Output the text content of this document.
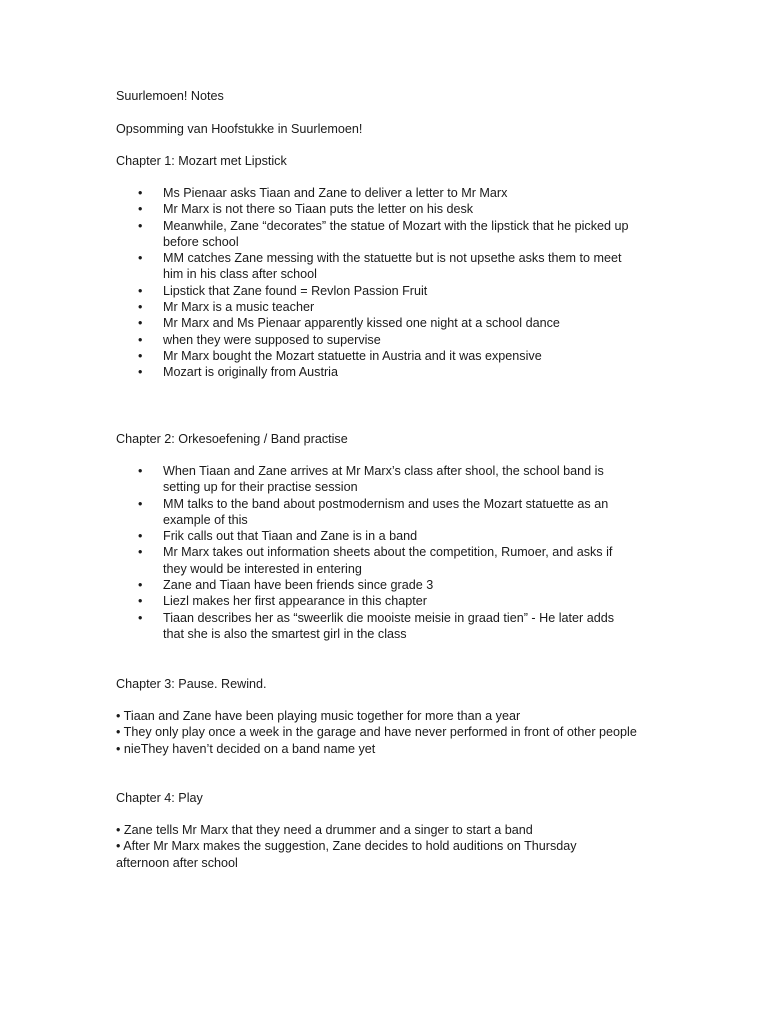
Suurlemoen! Notes

Opsomming van Hoofstukke in Suurlemoen!

Chapter 1: Mozart met Lipstick

• Ms Pienaar asks Tiaan and Zane to deliver a letter to Mr Marx
• Mr Marx is not there so Tiaan puts the letter on his desk
• Meanwhile, Zane “decorates” the statue of Mozart with the lipstick that he picked up before school
• MM catches Zane messing with the statuette but is not upsethe asks them to meet him in his class after school
• Lipstick that Zane found = Revlon Passion Fruit
• Mr Marx is a music teacher
• Mr Marx and Ms Pienaar apparently kissed one night at a school dance
• when they were supposed to supervise
• Mr Marx bought the Mozart statuette in Austria and it was expensive
• Mozart is originally from Austria

Chapter 2: Orkesoefening / Band practise

• When Tiaan and Zane arrives at Mr Marx’s class after shool, the school band is setting up for their practise session
• MM talks to the band about postmodernism and uses the Mozart statuette as an example of this
• Frik calls out that Tiaan and Zane is in a band
• Mr Marx takes out information sheets about the competition, Rumoer, and asks if they would be interested in entering
• Zane and Tiaan have been friends since grade 3
• Liezl makes her first appearance in this chapter
• Tiaan describes her as “sweerlik die mooiste meisie in graad tien” - He later adds that she is also the smartest girl in the class

Chapter 3: Pause. Rewind.

• Tiaan and Zane have been playing music together for more than a year

• They only play once a week in the garage and have never performed in front of other people

• nieThey haven’t decided on a band name yet

Chapter 4: Play

• Zane tells Mr Marx that they need a drummer and a singer to start a band

• After Mr Marx makes the suggestion, Zane decides to hold auditions on Thursday afternoon after school
